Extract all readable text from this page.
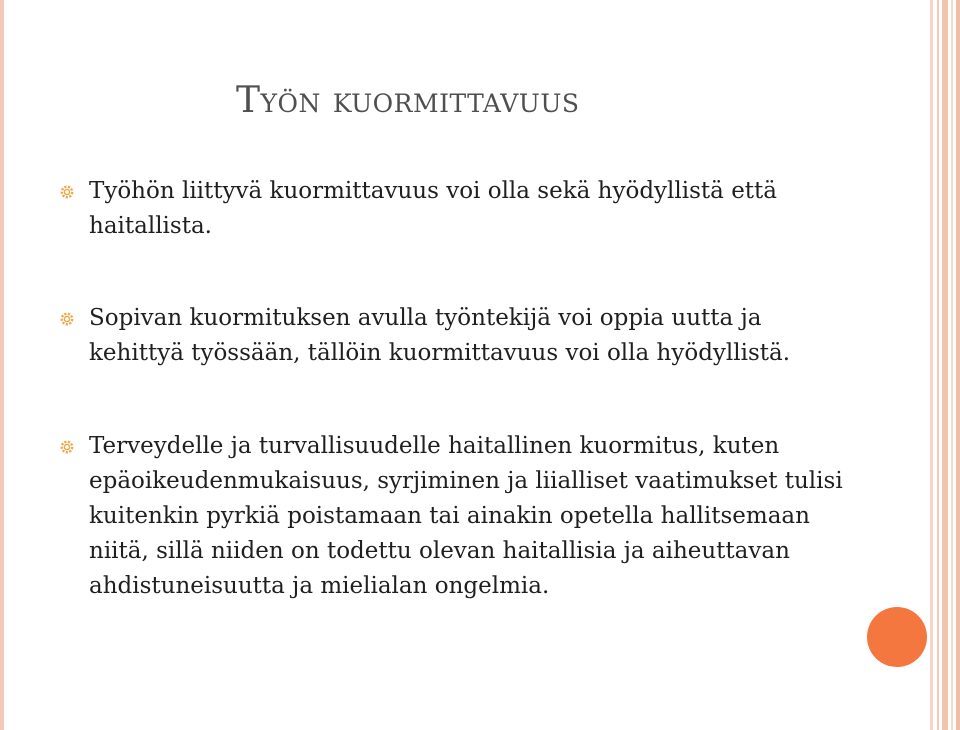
Työn kuormittavuus
Työhön liittyvä kuormittavuus voi olla sekä hyödyllistä että haitallista.
Sopivan kuormituksen avulla työntekijä voi oppia uutta ja kehittyä työssään, tällöin kuormittavuus voi olla hyödyllistä.
Terveydelle ja turvallisuudelle haitallinen kuormitus, kuten epäoikeudenmukaisuus, syrjiminen ja liialliset vaatimukset tulisi kuitenkin pyrkiä poistamaan tai ainakin opetella hallitsemaan niitä, sillä niiden on todettu olevan haitallisia ja aiheuttavan ahdistuneisuutta ja mielialan ongelmia.
